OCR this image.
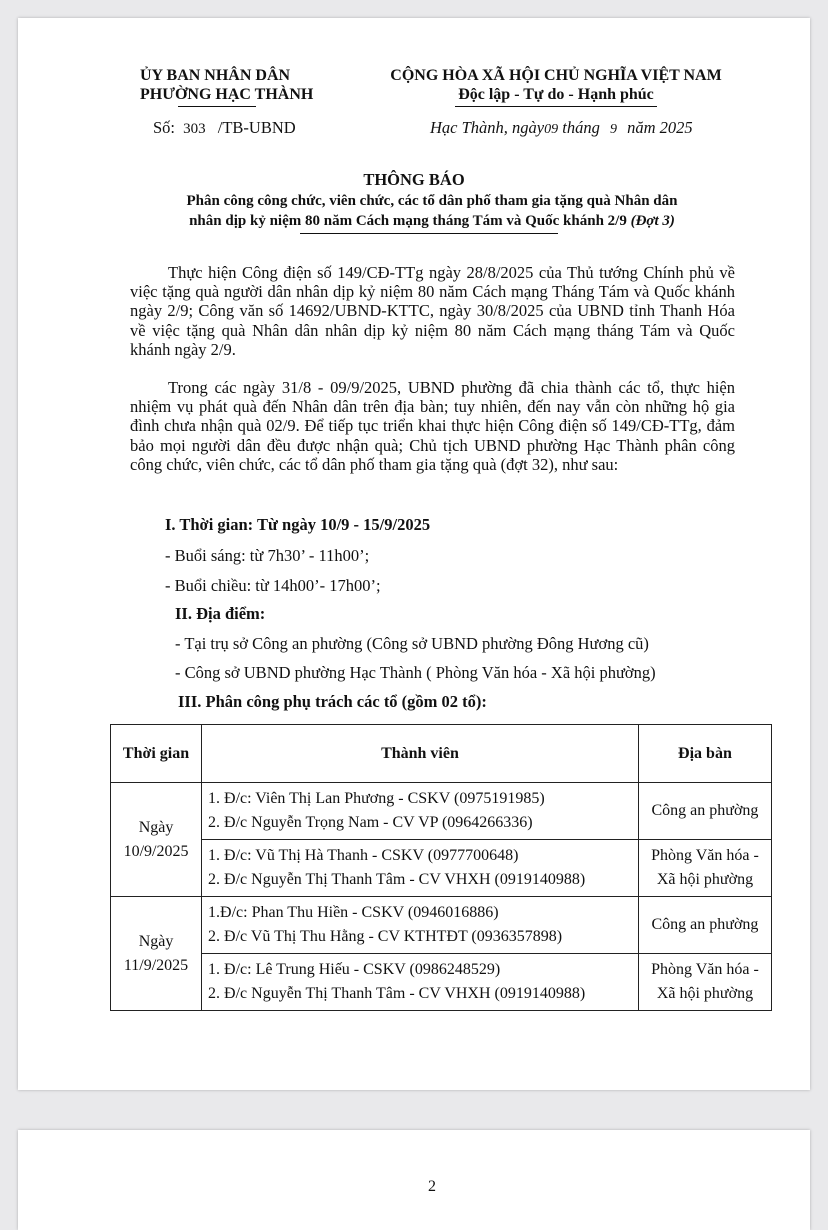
ỦY BAN NHÂN DÂN
PHƯỜNG HẠC THÀNH
CỘNG HÒA XÃ HỘI CHỦ NGHĨA VIỆT NAM
Độc lập - Tự do - Hạnh phúc
Số: 303 /TB-UBND	Hạc Thành, ngày09 tháng 9 năm 2025
THÔNG BÁO
Phân công công chức, viên chức, các tổ dân phố tham gia tặng quà Nhân dân
nhân dịp kỷ niệm 80 năm Cách mạng tháng Tám và Quốc khánh 2/9 (Đợt 3)
Thực hiện Công điện số 149/CĐ-TTg ngày 28/8/2025 của Thủ tướng Chính phủ về việc tặng quà người dân nhân dịp kỷ niệm 80 năm Cách mạng Tháng Tám và Quốc khánh ngày 2/9; Công văn số 14692/UBND-KTTC, ngày 30/8/2025 của UBND tỉnh Thanh Hóa về việc tặng quà Nhân dân nhân dịp kỷ niệm 80 năm Cách mạng tháng Tám và Quốc khánh ngày 2/9.
Trong các ngày 31/8 - 09/9/2025, UBND phường đã chia thành các tổ, thực hiện nhiệm vụ phát quà đến Nhân dân trên địa bàn; tuy nhiên, đến nay vẫn còn những hộ gia đình chưa nhận quà 02/9. Để tiếp tục triển khai thực hiện Công điện số 149/CĐ-TTg, đảm bảo mọi người dân đều được nhận quà; Chủ tịch UBND phường Hạc Thành phân công công chức, viên chức, các tổ dân phố tham gia tặng quà (đợt 32), như sau:
I. Thời gian: Từ ngày 10/9 - 15/9/2025
- Buổi sáng: từ 7h30’ - 11h00’;
- Buổi chiều: từ 14h00’- 17h00’;
II. Địa điểm:
- Tại trụ sở Công an phường (Công sở UBND phường Đông Hương cũ)
- Công sở UBND phường Hạc Thành ( Phòng Văn hóa - Xã hội phường)
III. Phân công phụ trách các tổ (gồm 02 tổ):
Thời gian	Thành viên	Địa bàn

Ngày
10/9/2025	1. Đ/c: Viên Thị Lan Phương - CSKV (0975191985)
2. Đ/c Nguyễn Trọng Nam - CV VP (0964266336)	Công an phường

	1. Đ/c: Vũ Thị Hà Thanh - CSKV (0977700648)
2. Đ/c Nguyễn Thị Thanh Tâm - CV VHXH (0919140988)	Phòng Văn hóa -
Xã hội phường

Ngày
11/9/2025	1.Đ/c: Phan Thu Hiền - CSKV (0946016886)
2. Đ/c Vũ Thị Thu Hằng - CV KTHTĐT (0936357898)	Công an phường

	1. Đ/c: Lê Trung Hiếu - CSKV (0986248529)
2. Đ/c Nguyễn Thị Thanh Tâm - CV VHXH (0919140988)	Phòng Văn hóa -
Xã hội phường
2
